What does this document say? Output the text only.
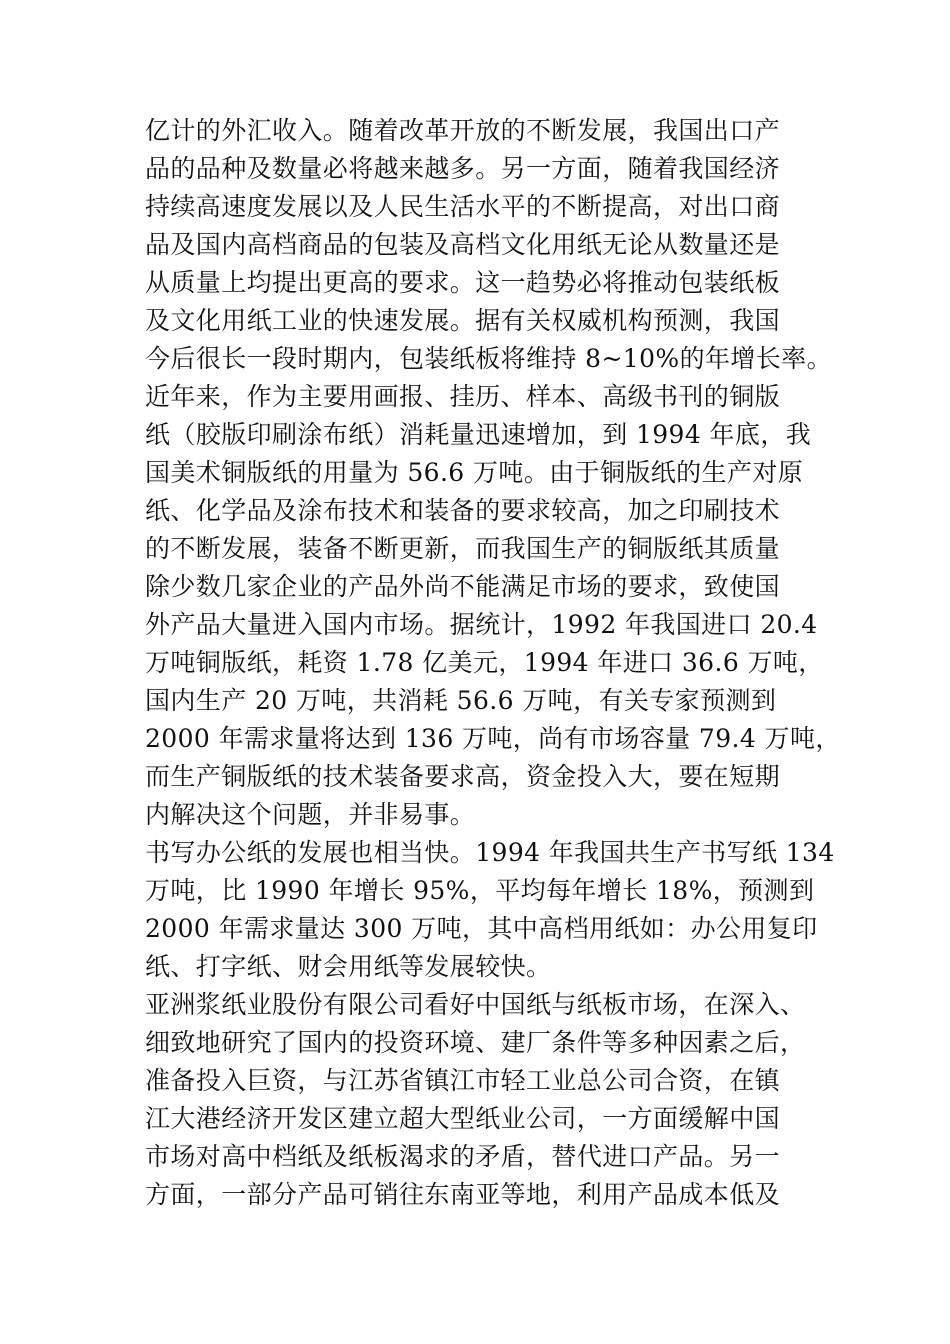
亿计的外汇收入。随着改革开放的不断发展，我国出口产
品的品种及数量必将越来越多。另一方面，随着我国经济
持续高速度发展以及人民生活水平的不断提高，对出口商
品及国内高档商品的包装及高档文化用纸无论从数量还是
从质量上均提出更高的要求。这一趋势必将推动包装纸板
及文化用纸工业的快速发展。据有关权威机构预测，我国
今后很长一段时期内，包装纸板将维持 8~10%的年增长率。
近年来，作为主要用画报、挂历、样本、高级书刊的铜版
纸（胶版印刷涂布纸）消耗量迅速增加，到 1994 年底，我
国美术铜版纸的用量为 56.6 万吨。由于铜版纸的生产对原
纸、化学品及涂布技术和装备的要求较高，加之印刷技术
的不断发展，装备不断更新，而我国生产的铜版纸其质量
除少数几家企业的产品外尚不能满足市场的要求，致使国
外产品大量进入国内市场。据统计，1992 年我国进口 20.4
万吨铜版纸，耗资 1.78 亿美元，1994 年进口 36.6 万吨，
国内生产 20 万吨，共消耗 56.6 万吨，有关专家预测到
2000 年需求量将达到 136 万吨，尚有市场容量 79.4 万吨，
而生产铜版纸的技术装备要求高，资金投入大，要在短期
内解决这个问题，并非易事。
书写办公纸的发展也相当快。1994 年我国共生产书写纸 134
万吨，比 1990 年增长 95%，平均每年增长 18%，预测到
2000 年需求量达 300 万吨，其中高档用纸如：办公用复印
纸、打字纸、财会用纸等发展较快。
亚洲浆纸业股份有限公司看好中国纸与纸板市场，在深入、
细致地研究了国内的投资环境、建厂条件等多种因素之后，
准备投入巨资，与江苏省镇江市轻工业总公司合资，在镇
江大港经济开发区建立超大型纸业公司，一方面缓解中国
市场对高中档纸及纸板渴求的矛盾，替代进口产品。另一
方面，一部分产品可销往东南亚等地，利用产品成本低及
